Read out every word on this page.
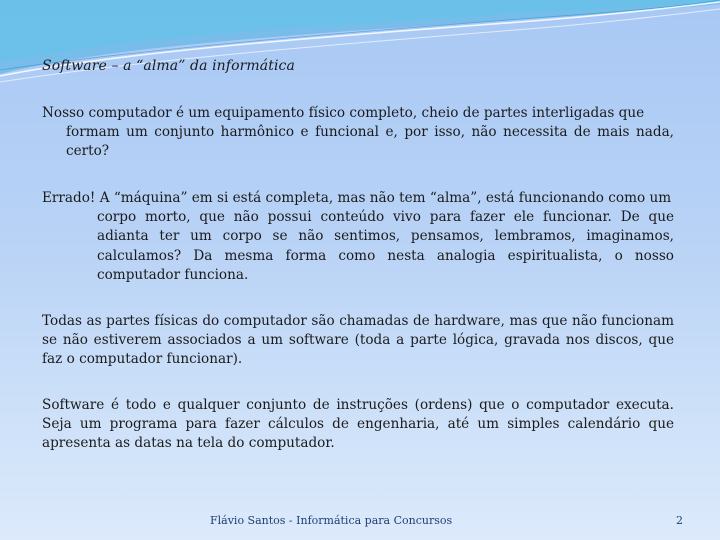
Software – a “alma” da informática
Nosso computador é um equipamento físico completo, cheio de partes interligadas que
formam um conjunto harmônico e funcional e, por isso, não necessita de mais nada, certo?
Errado! A “máquina” em si está completa, mas não tem “alma”, está funcionando como um
corpo morto, que não possui conteúdo vivo para fazer ele funcionar. De que adianta ter um corpo se não sentimos, pensamos, lembramos, imaginamos, calculamos? Da mesma forma como nesta analogia espiritualista, o nosso computador funciona.
Todas as partes físicas do computador são chamadas de hardware, mas que não funcionam se não estiverem associados a um software (toda a parte lógica, gravada nos discos, que faz o computador funcionar).
Software é todo e qualquer conjunto de instruções (ordens) que o computador executa. Seja um programa para fazer cálculos de engenharia, até um simples calendário que apresenta as datas na tela do computador.
Flávio Santos - Informática para Concursos	2
